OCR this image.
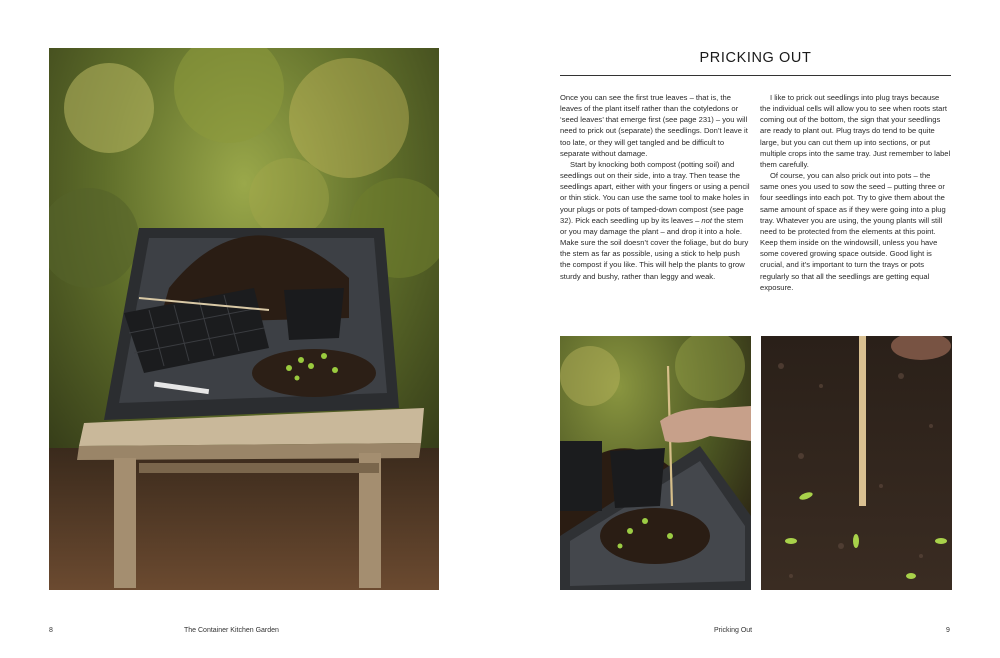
PRICKING OUT

Once you can see the first true leaves – that is, the leaves of the plant itself rather than the cotyledons or ‘seed leaves’ that emerge first (see page 231) – you will need to prick out (separate) the seedlings. Don’t leave it too late, or they will get tangled and be difficult to separate without damage.

Start by knocking both compost (potting soil) and seedlings out on their side, into a tray. Then tease the seedlings apart, either with your fingers or using a pencil or thin stick. You can use the same tool to make holes in your plugs or pots of tamped-down compost (see page 32). Pick each seedling up by its leaves – not the stem or you may damage the plant – and drop it into a hole. Make sure the soil doesn’t cover the foliage, but do bury the stem as far as possible, using a stick to help push the compost if you like. This will help the plants to grow sturdy and bushy, rather than leggy and weak.

I like to prick out seedlings into plug trays because the individual cells will allow you to see when roots start coming out of the bottom, the sign that your seedlings are ready to plant out. Plug trays do tend to be quite large, but you can cut them up into sections, or put multiple crops into the same tray. Just remember to label them carefully.

Of course, you can also prick out into pots – the same ones you used to sow the seed – putting three or four seedlings into each pot. Try to give them about the same amount of space as if they were going into a plug tray. Whatever you are using, the young plants will still need to be protected from the elements at this point. Keep them inside on the windowsill, unless you have some covered growing space outside. Good light is crucial, and it’s important to turn the trays or pots regularly so that all the seedlings are getting equal exposure.

8	The Container Kitchen Garden	Pricking Out	9
